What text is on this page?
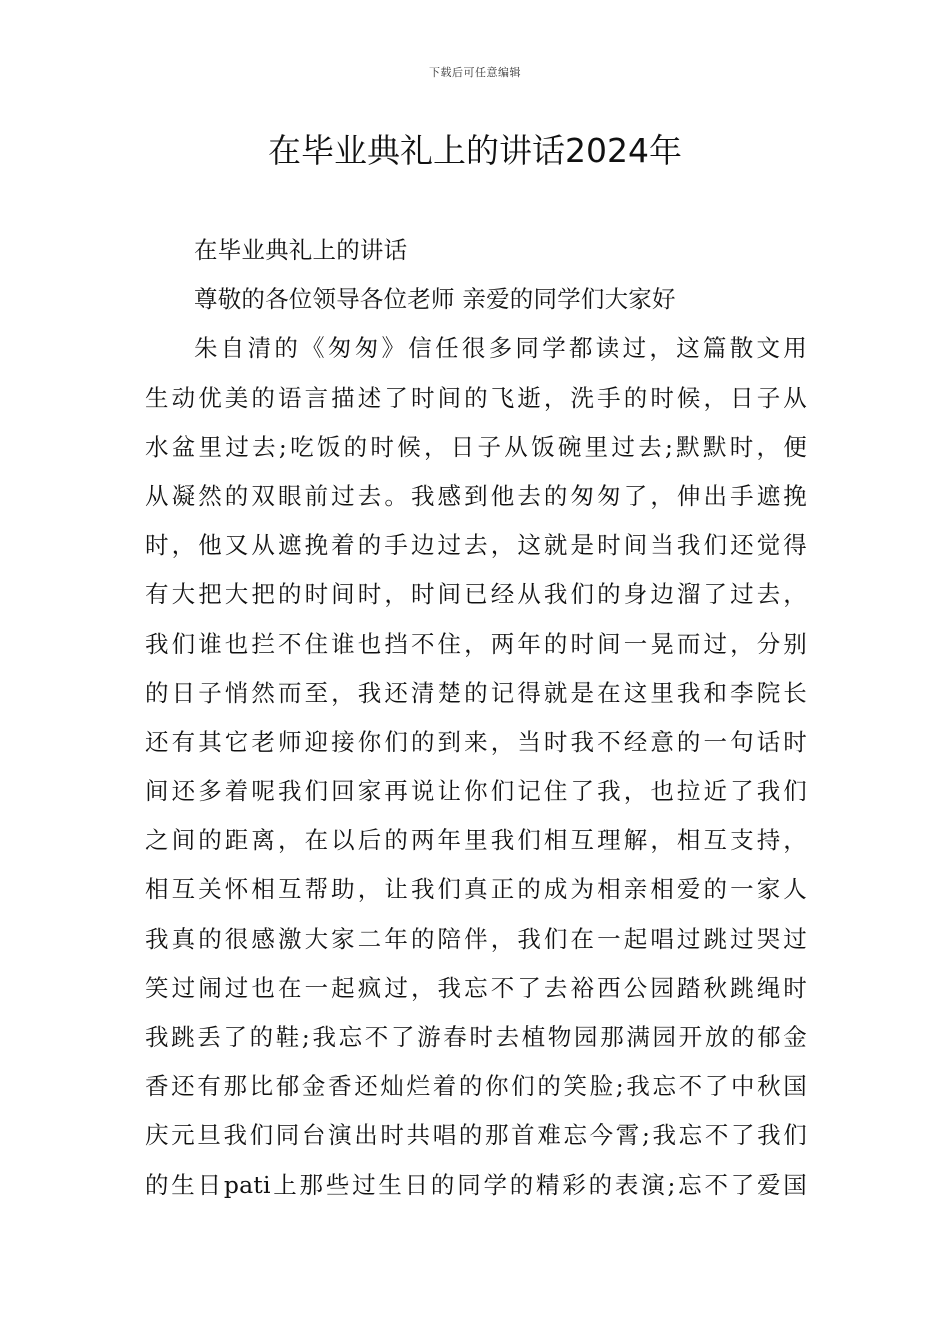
下载后可任意编辑
在毕业典礼上的讲话2024年
在毕业典礼上的讲话
尊敬的各位领导各位老师 亲爱的同学们大家好
朱自清的《匆匆》信任很多同学都读过，这篇散文用
生动优美的语言描述了时间的飞逝，洗手的时候，日子从
水盆里过去;吃饭的时候，日子从饭碗里过去;默默时，便
从凝然的双眼前过去。我感到他去的匆匆了，伸出手遮挽
时，他又从遮挽着的手边过去，这就是时间当我们还觉得
有大把大把的时间时，时间已经从我们的身边溜了过去，
我们谁也拦不住谁也挡不住，两年的时间一晃而过，分别
的日子悄然而至，我还清楚的记得就是在这里我和李院长
还有其它老师迎接你们的到来，当时我不经意的一句话时
间还多着呢我们回家再说让你们记住了我，也拉近了我们
之间的距离，在以后的两年里我们相互理解，相互支持，
相互关怀相互帮助，让我们真正的成为相亲相爱的一家人
我真的很感激大家二年的陪伴，我们在一起唱过跳过哭过
笑过闹过也在一起疯过，我忘不了去裕西公园踏秋跳绳时
我跳丢了的鞋;我忘不了游春时去植物园那满园开放的郁金
香还有那比郁金香还灿烂着的你们的笑脸;我忘不了中秋国
庆元旦我们同台演出时共唱的那首难忘今霄;我忘不了我们
的生日pati上那些过生日的同学的精彩的表演;忘不了爱国
